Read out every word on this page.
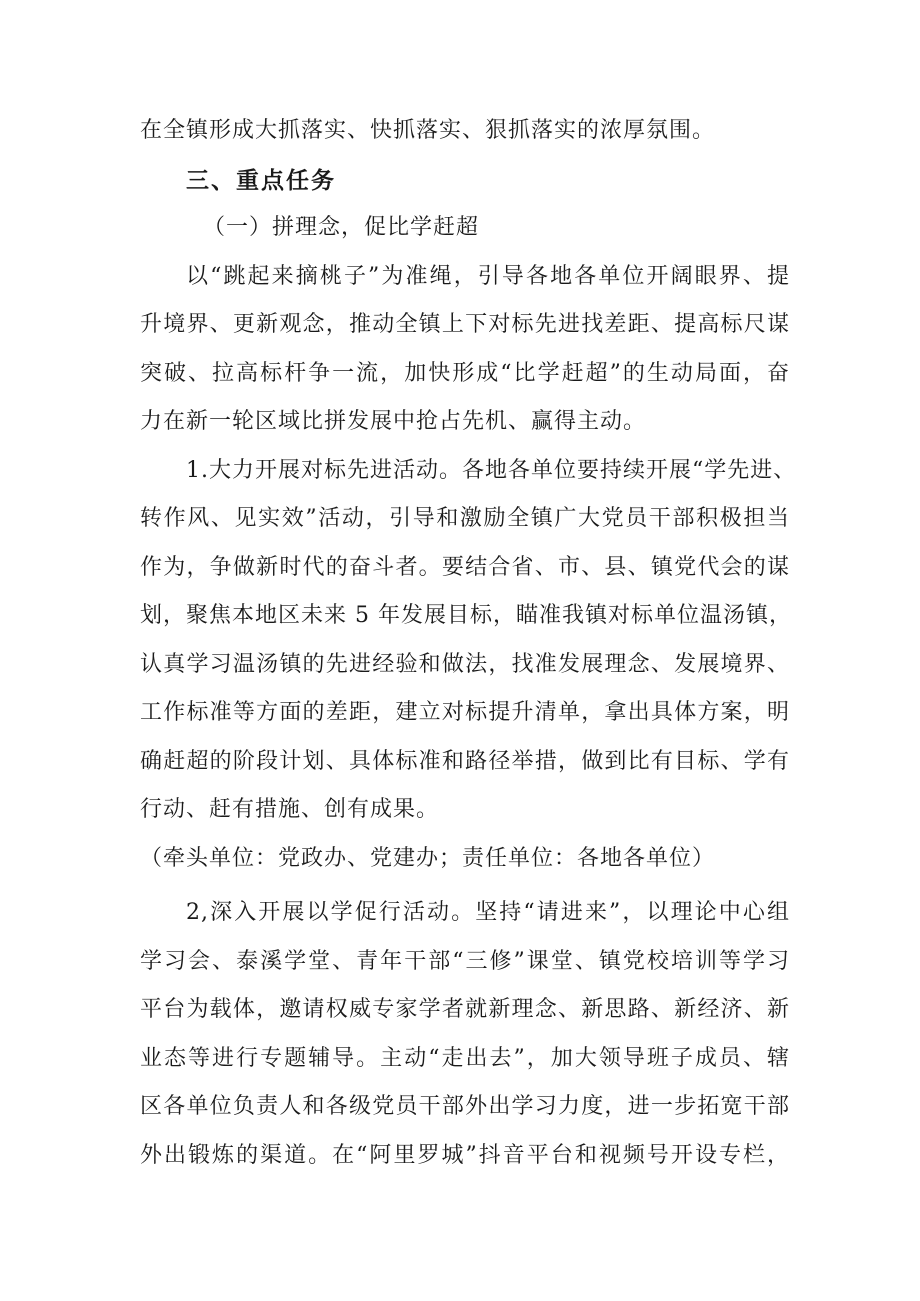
在全镇形成大抓落实、快抓落实、狠抓落实的浓厚氛围。
三、重点任务
（一）拼理念，促比学赶超
以“跳起来摘桃子”为准绳，引导各地各单位开阔眼界、提
升境界、更新观念，推动全镇上下对标先进找差距、提高标尺谋
突破、拉高标杆争一流，加快形成“比学赶超”的生动局面，奋
力在新一轮区域比拼发展中抢占先机、赢得主动。
1.大力开展对标先进活动。各地各单位要持续开展“学先进、
转作风、见实效”活动，引导和激励全镇广大党员干部积极担当
作为，争做新时代的奋斗者。要结合省、市、县、镇党代会的谋
划，聚焦本地区未来 5 年发展目标，瞄准我镇对标单位温汤镇，
认真学习温汤镇的先进经验和做法，找准发展理念、发展境界、
工作标准等方面的差距，建立对标提升清单，拿出具体方案，明
确赶超的阶段计划、具体标准和路径举措，做到比有目标、学有
行动、赶有措施、创有成果。
（牵头单位：党政办、党建办；责任单位：各地各单位）
2,深入开展以学促行活动。坚持“请进来”，以理论中心组
学习会、泰溪学堂、青年干部“三修”课堂、镇党校培训等学习
平台为载体，邀请权威专家学者就新理念、新思路、新经济、新
业态等进行专题辅导。主动“走出去”，加大领导班子成员、辖
区各单位负责人和各级党员干部外出学习力度，进一步拓宽干部
外出锻炼的渠道。在“阿里罗城”抖音平台和视频号开设专栏，
